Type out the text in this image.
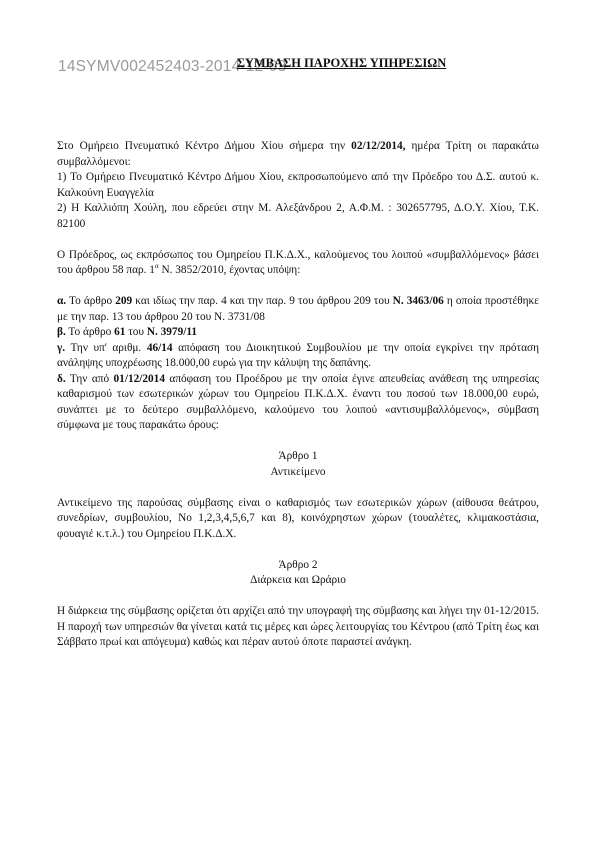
14SYMV002452403-2014-12-03
ΣΥΜΒΑΣΗ ΠΑΡΟΧΗΣ ΥΠΗΡΕΣΙΩΝ

Στο Ομήρειο Πνευματικό Κέντρο Δήμου Χίου σήμερα την 02/12/2014, ημέρα Τρίτη οι παρακάτω συμβαλλόμενοι:

1) Το Ομήρειο Πνευματικό Κέντρο Δήμου Χίου, εκπροσωπούμενο από την Πρόεδρο του Δ.Σ. αυτού κ. Καλκούνη Ευαγγελία

2) Η Καλλιόπη Χούλη, που εδρεύει στην Μ. Αλεξάνδρου 2, Α.Φ.Μ. : 302657795, Δ.Ο.Υ. Χίου, Τ.Κ. 82100

Ο Πρόεδρος, ως εκπρόσωπος του Ομηρείου Π.Κ.Δ.Χ., καλούμενος του λοιπού «συμβαλλόμενος» βάσει του άρθρου 58 παρ. $1^\alpha$ Ν. 3852/2010, έχοντας υπόψη:

α. Το άρθρο 209 και ιδίως την παρ. 4 και την παρ. 9 του άρθρου 209 του Ν. 3463/06 η οποία προστέθηκε με την παρ. 13 του άρθρου 20 του Ν. 3731/08

β. Το άρθρο 61 του Ν. 3979/11

γ. Την υπ' αριθμ. 46/14 απόφαση του Διοικητικού Συμβουλίου με την οποία εγκρίνει την πρόταση ανάληψης υποχρέωσης 18.000,00 ευρώ για την κάλυψη της δαπάνης.

δ. Την από 01/12/2014 απόφαση του Προέδρου με την οποία έγινε απευθείας ανάθεση της υπηρεσίας καθαρισμού των εσωτερικών χώρων του Ομηρείου Π.Κ.Δ.Χ. έναντι του ποσού των 18.000,00 ευρώ, συνάπτει με το δεύτερο συμβαλλόμενο, καλούμενο του λοιπού «αντισυμβαλλόμενος», σύμβαση σύμφωνα με τους παρακάτω όρους:

Άρθρο 1

Αντικείμενο

Αντικείμενο της παρούσας σύμβασης είναι ο καθαρισμός των εσωτερικών χώρων (αίθουσα θεάτρου, συνεδρίων, συμβουλίου, Νο 1,2,3,4,5,6,7 και 8), κοινόχρηστων χώρων (τουαλέτες, κλιμακοστάσια, φουαγιέ κ.τ.λ.) του Ομηρείου Π.Κ.Δ.Χ.

Άρθρο 2

Διάρκεια και Ωράριο

Η διάρκεια της σύμβασης ορίζεται ότι αρχίζει από την υπογραφή της σύμβασης και λήγει την 01-12/2015. Η παροχή των υπηρεσιών θα γίνεται κατά τις μέρες και ώρες λειτουργίας του Κέντρου (από Τρίτη έως και Σάββατο πρωί και απόγευμα) καθώς και πέραν αυτού όποτε παραστεί ανάγκη.
